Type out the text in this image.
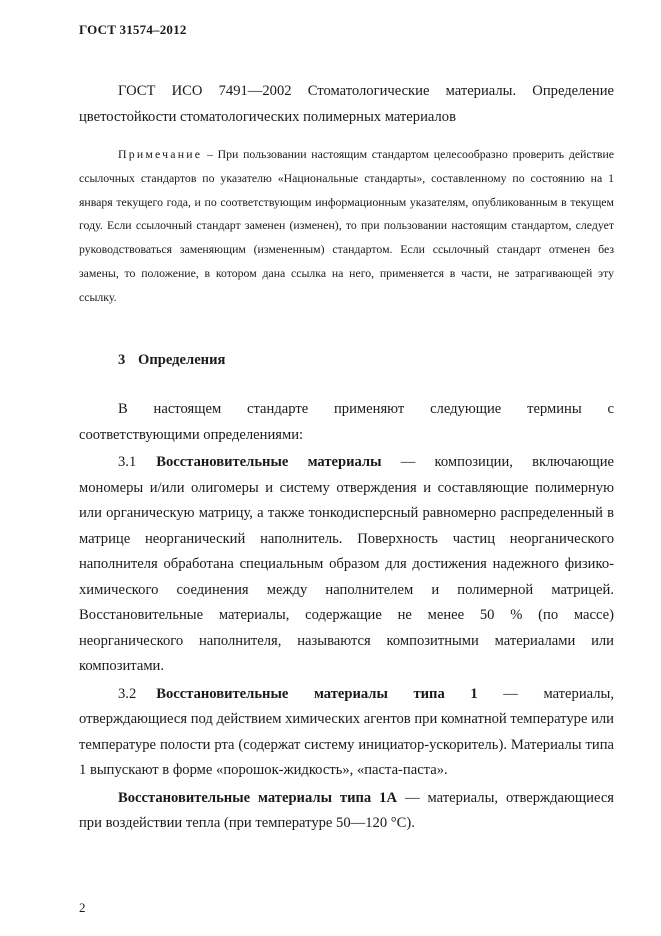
ГОСТ 31574–2012

ГОСТ ИСО 7491—2002 Стоматологические материалы. Определение цветостойкости стоматологических полимерных материалов

Примечание – При пользовании настоящим стандартом целесообразно проверить действие ссылочных стандартов по указателю «Национальные стандарты», составленному по состоянию на 1 января текущего года, и по соответствующим информационным указателям, опубликованным в текущем году. Если ссылочный стандарт заменен (изменен), то при пользовании настоящим стандартом, следует руководствоваться заменяющим (измененным) стандартом. Если ссылочный стандарт отменен без замены, то положение, в котором дана ссылка на него, применяется в части, не затрагивающей эту ссылку.

3 Определения
В настоящем стандарте применяют следующие термины с

соответствующими определениями:

3.1 Восстановительные материалы — композиции, включающие мономеры и/или олигомеры и систему отверждения и составляющие полимерную или органическую матрицу, а также тонкодисперсный равномерно распределенный в матрице неорганический наполнитель. Поверхность частиц неорганического наполнителя обработана специальным образом для достижения надежного физико-химического соединения между наполнителем и полимерной матрицей. Восстановительные материалы, содержащие не менее 50 % (по массе) неорганического наполнителя, называются композитными материалами или композитами.

3.2 Восстановительные материалы типа 1 — материалы, отверждающиеся под действием химических агентов при комнатной температуре или температуре полости рта (содержат систему инициатор-ускоритель). Материалы типа 1 выпускают в форме «порошок-жидкость», «паста-паста».

Восстановительные материалы типа 1А — материалы, отверждающиеся при воздействии тепла (при температуре 50—120 °С).

2
